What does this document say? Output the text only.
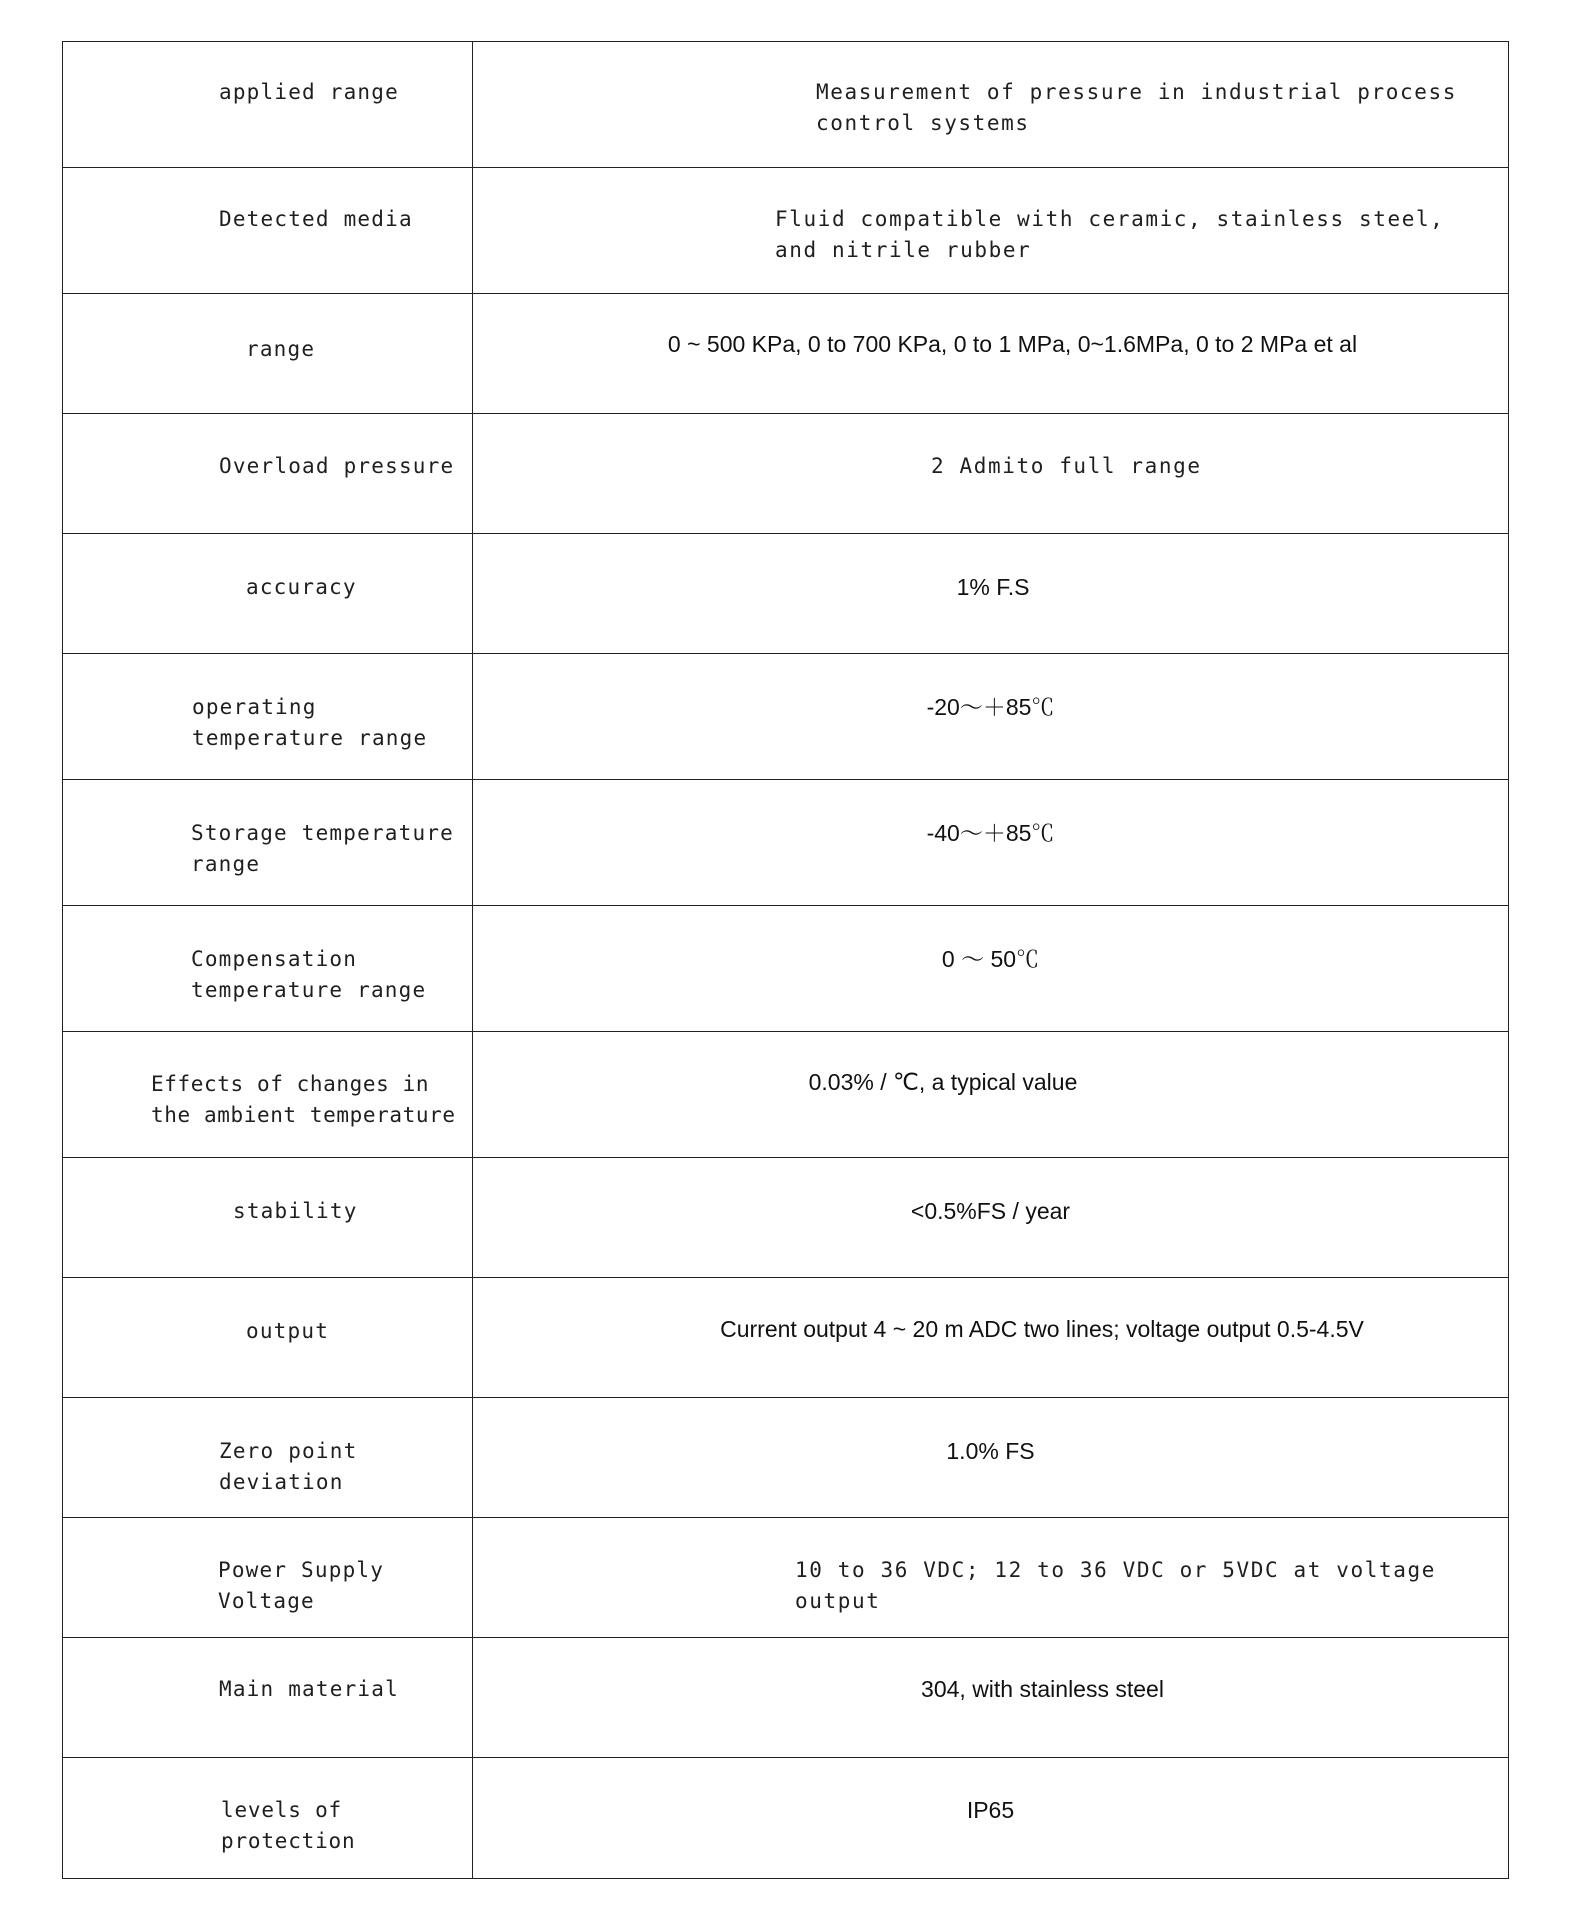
applied range	Measurement of pressure in industrial process control systems

Detected media	Fluid compatible with ceramic, stainless steel, and nitrile rubber

range	0 ~ 500 KPa, 0 to 700 KPa, 0 to 1 MPa, 0~1.6MPa, 0 to 2 MPa et al

Overload pressure	2 Admito full range

accuracy	1% F.S

operating temperature range	-20～＋85℃

Storage temperature range	-40～＋85℃

Compensation temperature range	0 ～ 50℃

Effects of changes in the ambient temperature	0.03% / ℃, a typical value

stability	<0.5%FS / year

output	Current output 4 ~ 20 m ADC two lines; voltage output 0.5-4.5V

Zero point deviation	1.0% FS

Power Supply Voltage	10 to 36 VDC; 12 to 36 VDC or 5VDC at voltage output

Main material	304, with stainless steel

levels of protection	IP65
